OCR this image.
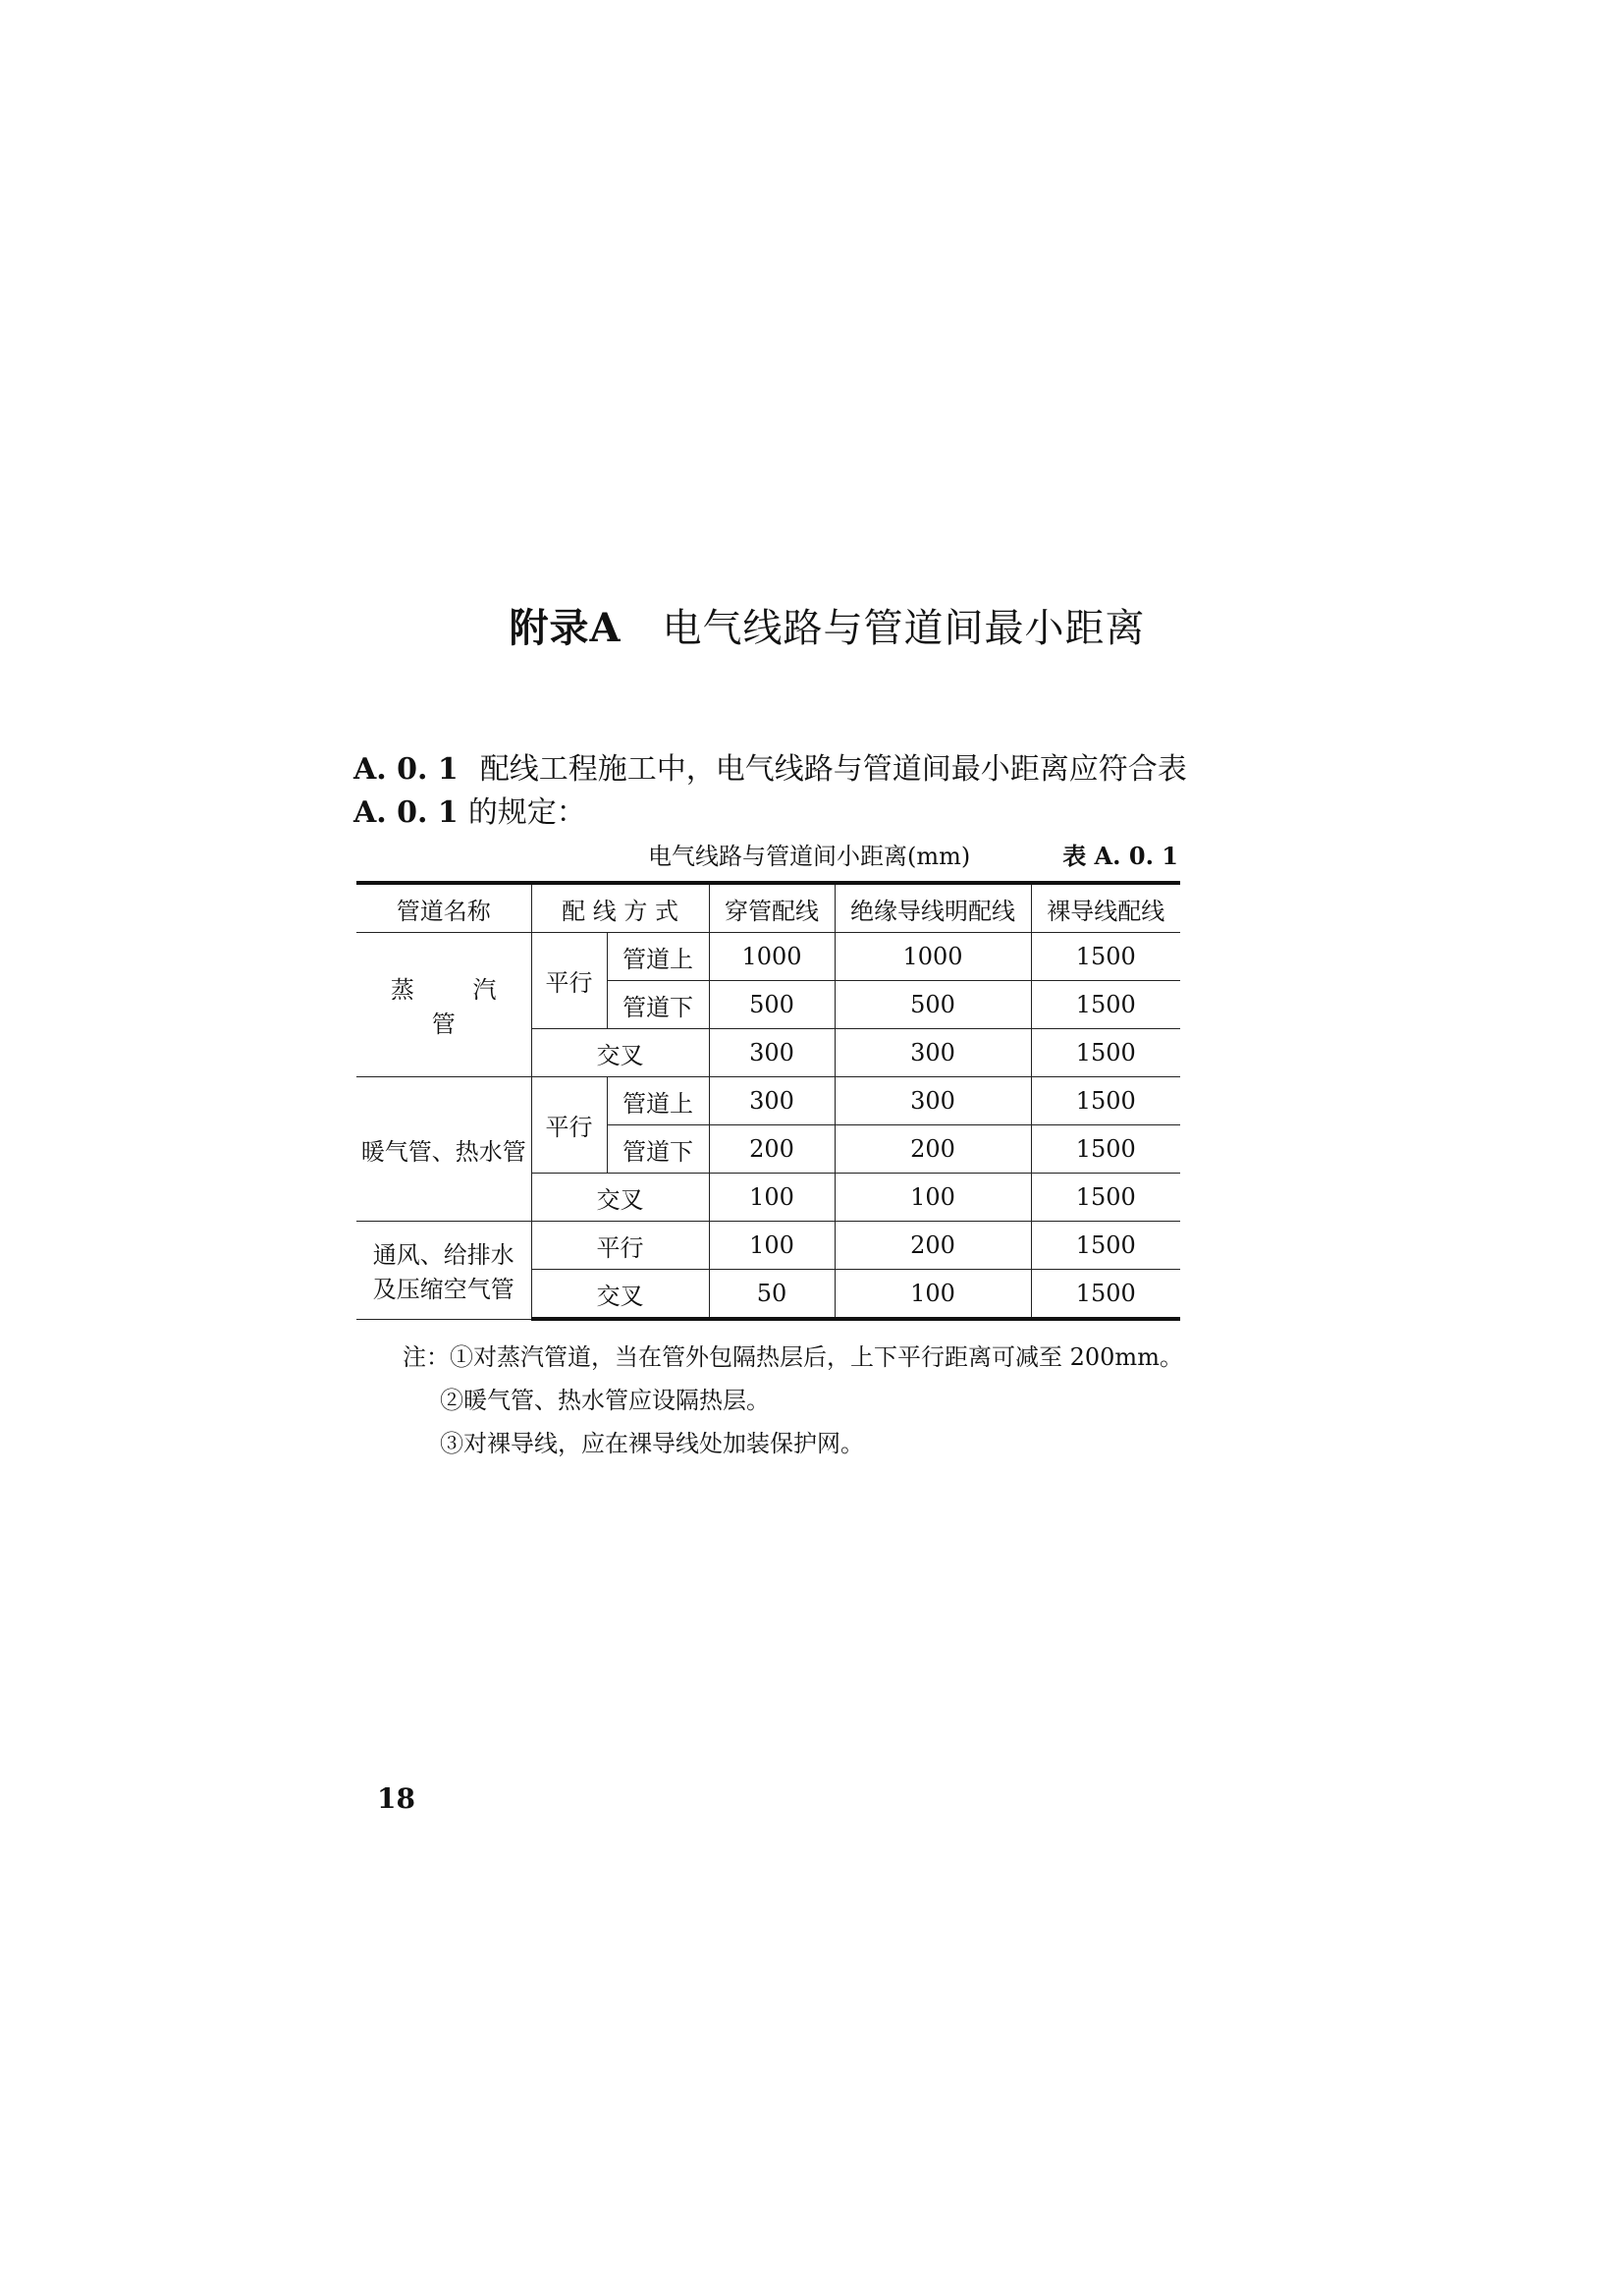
附录A 电气线路与管道间最小距离
A. 0. 1 配线工程施工中，电气线路与管道间最小距离应符合表
A. 0. 1 的规定：
电气线路与管道间小距离(mm)	表 A. 0. 1
管道名称	配 线 方 式		穿管配线	绝缘导线明配线	裸导线配线
蒸 汽 管	平行	管道上	1000	1000	1500
		管道下	500	500	1500
	交叉		300	300	1500
暖气管、热水管	平行	管道上	300	300	1500
		管道下	200	200	1500
	交叉		100	100	1500

通风、给排水
及压缩空气管	平行		100	200	1500
	交叉		50	100	1500
注：①对蒸汽管道，当在管外包隔热层后，上下平行距离可减至 200mm。
②暖气管、热水管应设隔热层。
③对裸导线，应在裸导线处加装保护网。
18
